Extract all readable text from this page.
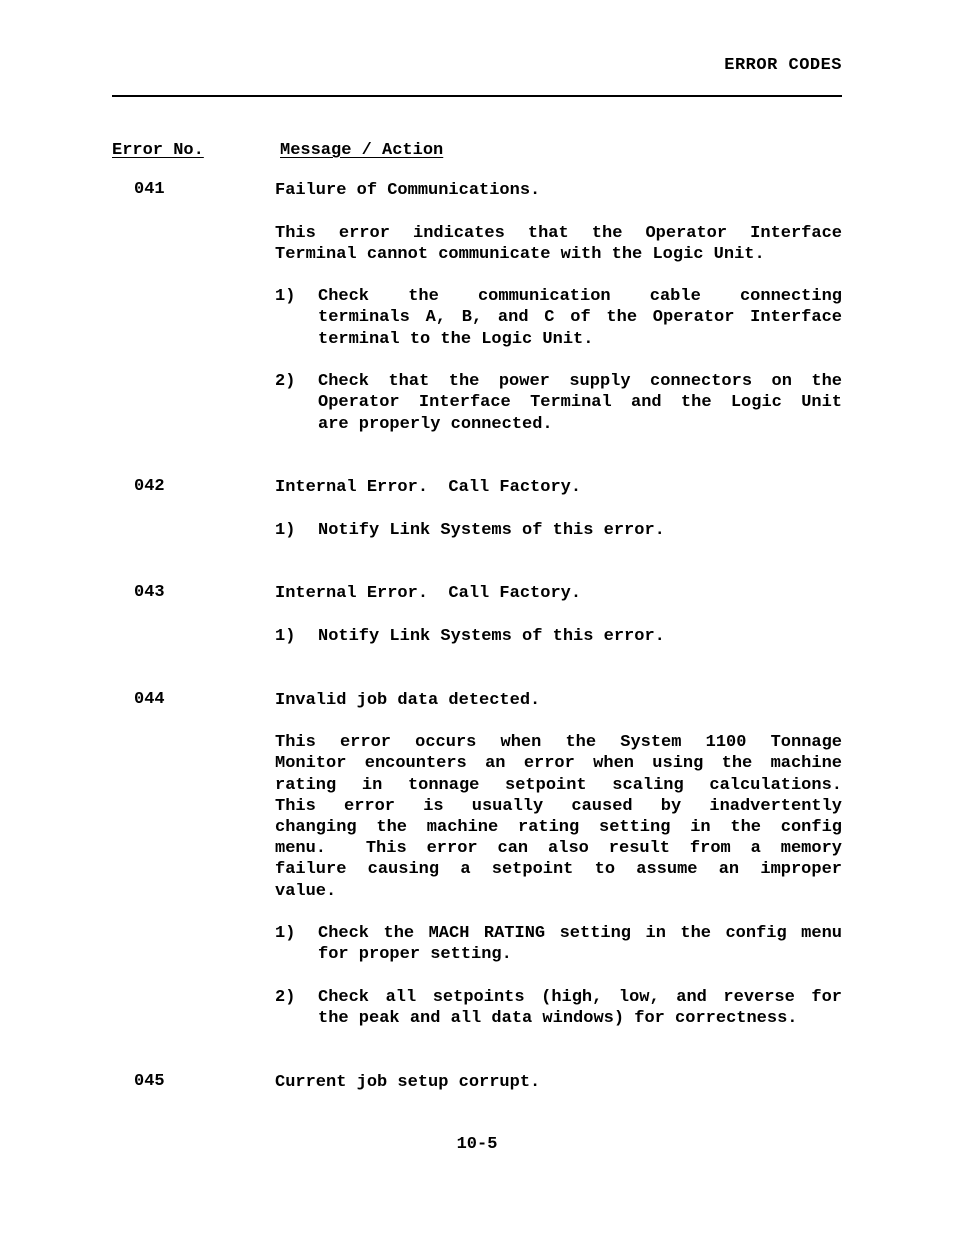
ERROR CODES
Error No.	Message / Action
041	Failure of Communications.
This error indicates that the Operator Interface
Terminal cannot communicate with the Logic Unit.
1) Check the communication cable connecting
terminals A, B, and C of the Operator Interface
terminal to the Logic Unit.
2) Check that the power supply connectors on the
Operator Interface Terminal and the Logic Unit
are properly connected.
042	Internal Error.  Call Factory.
1) Notify Link Systems of this error.
043	Internal Error.  Call Factory.
1) Notify Link Systems of this error.
044	Invalid job data detected.
This error occurs when the System 1100 Tonnage
Monitor encounters an error when using the machine
rating in tonnage setpoint scaling calculations.
This error is usually caused by inadvertently
changing the machine rating setting in the config
menu.  This error can also result from a memory
failure causing a setpoint to assume an improper
value.
1) Check the MACH RATING setting in the config menu
for proper setting.
2) Check all setpoints (high, low, and reverse for
the peak and all data windows) for correctness.
045	Current job setup corrupt.
10-5
